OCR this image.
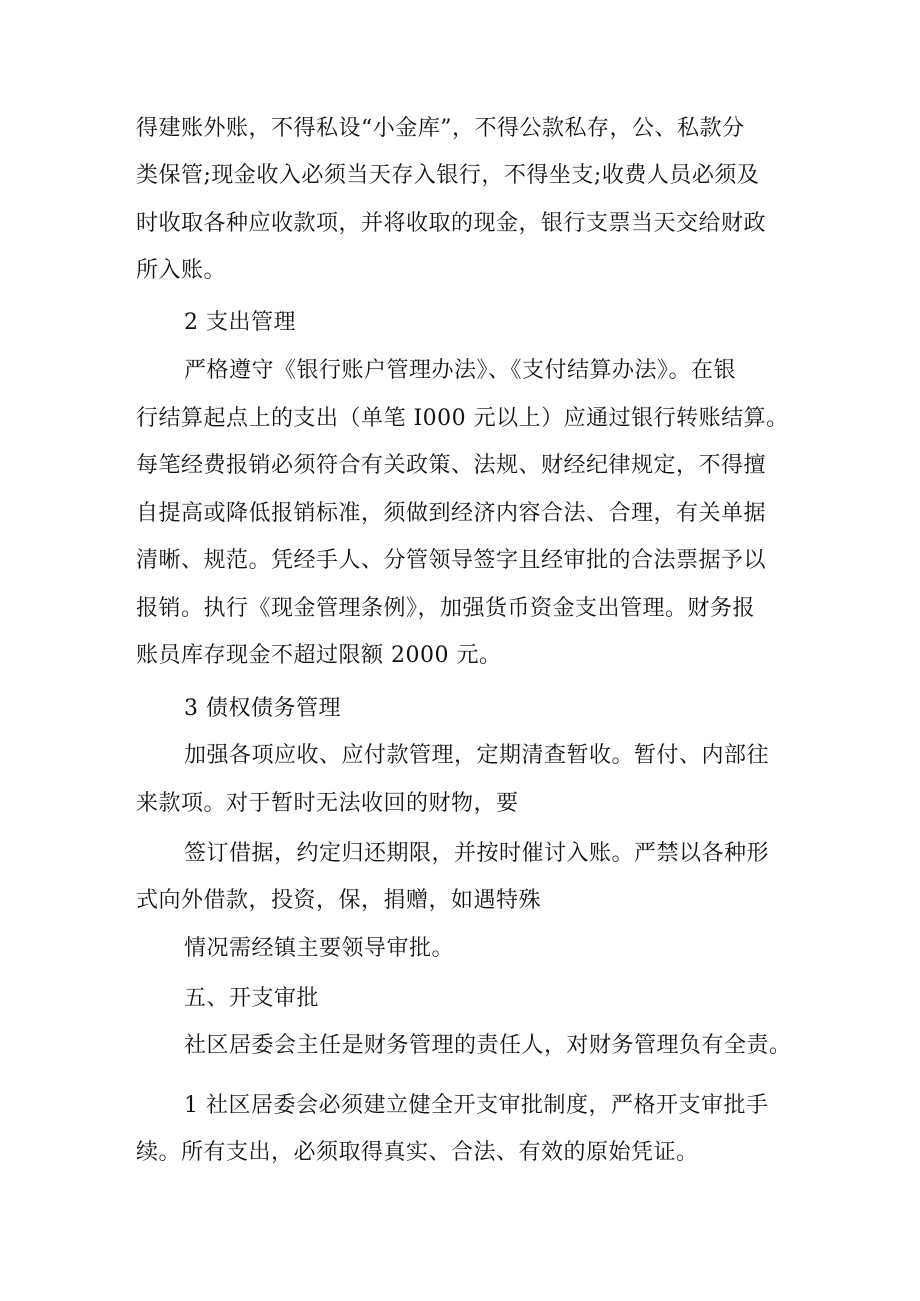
得建账外账，不得私设“小金库”，不得公款私存，公、私款分
类保管;现金收入必须当天存入银行，不得坐支;收费人员必须及
时收取各种应收款项，并将收取的现金，银行支票当天交给财政
所入账。
2 支出管理
严格遵守《银行账户管理办法》、《支付结算办法》。在银
行结算起点上的支出（单笔 I000 元以上）应通过银行转账结算。
每笔经费报销必须符合有关政策、法规、财经纪律规定，不得擅
自提高或降低报销标准，须做到经济内容合法、合理，有关单据
清晰、规范。凭经手人、分管领导签字且经审批的合法票据予以
报销。执行《现金管理条例》，加强货币资金支出管理。财务报
账员库存现金不超过限额 2000 元。
3 债权债务管理
加强各项应收、应付款管理，定期清查暂收。暂付、内部往
来款项。对于暂时无法收回的财物，要
签订借据，约定归还期限，并按时催讨入账。严禁以各种形
式向外借款，投资，保，捐赠，如遇特殊
情况需经镇主要领导审批。
五、开支审批
社区居委会主任是财务管理的责任人，对财务管理负有全责。
1 社区居委会必须建立健全开支审批制度，严格开支审批手
续。所有支出，必须取得真实、合法、有效的原始凭证。
